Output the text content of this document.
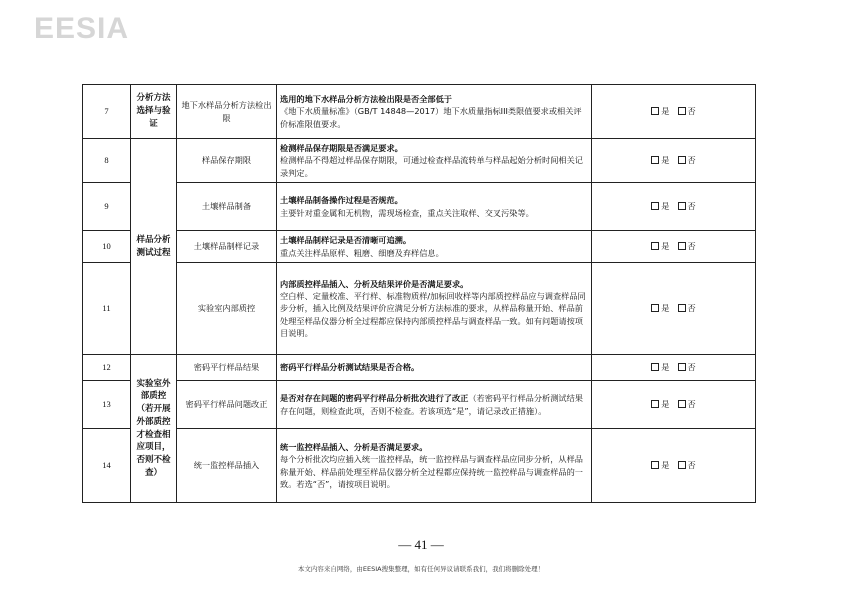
EESIA
7	分析方法选择与验证	地下水样品分析方法检出限	选用的地下水样品分析方法检出限是否全部低于
《地下水质量标准》（GB/T 14848—2017）地下水质量指标III类限值要求或相关评价标准限值要求。	是 否
8	样品分析测试过程	样品保存期限	检测样品保存期限是否满足要求。
检测样品不得超过样品保存期限，可通过检查样品流转单与样品起始分析时间相关记录判定。	是 否
9		土壤样品制备	土壤样品制备操作过程是否规范。
主要针对重金属和无机物，需现场检查，重点关注取样、交叉污染等。	是 否
10		土壤样品制样记录	土壤样品制样记录是否清晰可追溯。
重点关注样品原样、粗磨、细磨及弃样信息。	是 否
11		实验室内部质控	内部质控样品插入、分析及结果评价是否满足要求。
空白样、定量校准、平行样、标准物质样/加标回收样等内部质控样品应与调查样品同步分析，插入比例及结果评价应满足分析方法标准的要求，从样品称量开始、样品前处理至样品仪器分析全过程都应保持内部质控样品与调查样品一致。如有问题请按项目说明。	是 否
12	实验室外部质控（若开展外部质控才检查相应项目，否则不检查）	密码平行样品结果	密码平行样品分析测试结果是否合格。	是 否
13		密码平行样品问题改正	是否对存在问题的密码平行样品分析批次进行了改正（若密码平行样品分析测试结果存在问题，则检查此项，否则不检查。若该项选“是”，请记录改正措施）。	是 否
14		统一监控样品插入	统一监控样品插入、分析是否满足要求。
每个分析批次均应插入统一监控样品，统一监控样品与调查样品应同步分析，从样品称量开始、样品前处理至样品仪器分析全过程都应保持统一监控样品与调查样品的一致。若选“否”，请按项目说明。	是 否
— 41 —
本文内容来自网络，由EESIA搜集整理，如有任何异议请联系我们，我们将删除处理！
